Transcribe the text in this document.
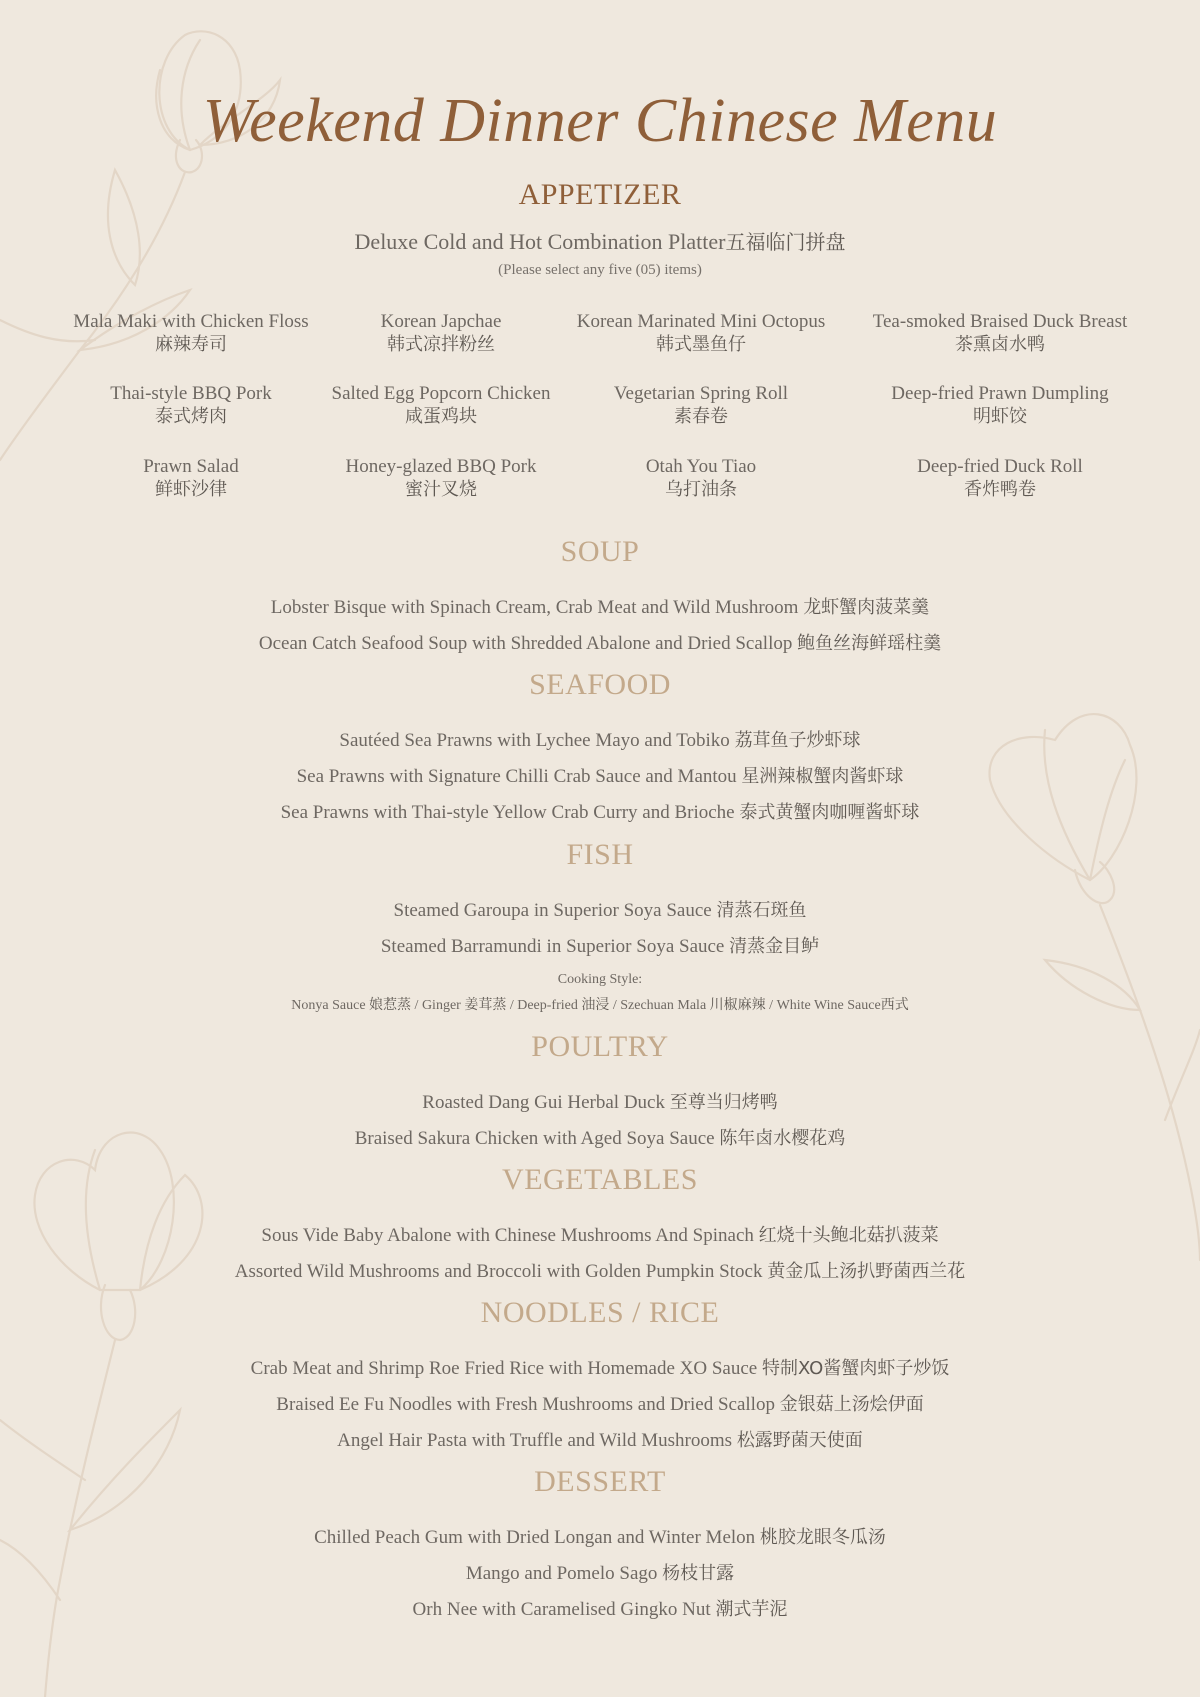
Weekend Dinner Chinese Menu
APPETIZER
Deluxe Cold and Hot Combination Platter五福临门拼盘
(Please select any five (05) items)
Mala Maki with Chicken Floss
麻辣寿司
Korean Japchae
韩式凉拌粉丝
Korean Marinated Mini Octopus
韩式墨鱼仔
Tea-smoked Braised Duck Breast
茶熏卤水鸭
Thai-style BBQ Pork
泰式烤肉
Salted Egg Popcorn Chicken
咸蛋鸡块
Vegetarian Spring Roll
素春卷
Deep-fried Prawn Dumpling
明虾饺
Prawn Salad
鲜虾沙律
Honey-glazed BBQ Pork
蜜汁叉烧
Otah You Tiao
乌打油条
Deep-fried Duck Roll
香炸鸭卷
SOUP
Lobster Bisque with Spinach Cream, Crab Meat and Wild Mushroom 龙虾蟹肉菠菜羹
Ocean Catch Seafood Soup with Shredded Abalone and Dried Scallop 鲍鱼丝海鲜瑶柱羹
SEAFOOD
Sautéed Sea Prawns with Lychee Mayo and Tobiko 荔茸鱼子炒虾球
Sea Prawns with Signature Chilli Crab Sauce and Mantou 星洲辣椒蟹肉酱虾球
Sea Prawns with Thai-style Yellow Crab Curry and Brioche 泰式黄蟹肉咖喱酱虾球
FISH
Steamed Garoupa in Superior Soya Sauce 清蒸石斑鱼
Steamed Barramundi in Superior Soya Sauce 清蒸金目鲈
Cooking Style:
Nonya Sauce 娘惹蒸 / Ginger 姜茸蒸 / Deep-fried 油浸 / Szechuan Mala 川椒麻辣 / White Wine Sauce西式
POULTRY
Roasted Dang Gui Herbal Duck 至尊当归烤鸭
Braised Sakura Chicken with Aged Soya Sauce 陈年卤水樱花鸡
VEGETABLES
Sous Vide Baby Abalone with Chinese Mushrooms And Spinach 红烧十头鲍北菇扒菠菜
Assorted Wild Mushrooms and Broccoli with Golden Pumpkin Stock 黄金瓜上汤扒野菌西兰花
NOODLES / RICE
Crab Meat and Shrimp Roe Fried Rice with Homemade XO Sauce 特制XO酱蟹肉虾子炒饭
Braised Ee Fu Noodles with Fresh Mushrooms and Dried Scallop 金银菇上汤烩伊面
Angel Hair Pasta with Truffle and Wild Mushrooms 松露野菌天使面
DESSERT
Chilled Peach Gum with Dried Longan and Winter Melon 桃胶龙眼冬瓜汤
Mango and Pomelo Sago 杨枝甘露
Orh Nee with Caramelised Gingko Nut 潮式芋泥
